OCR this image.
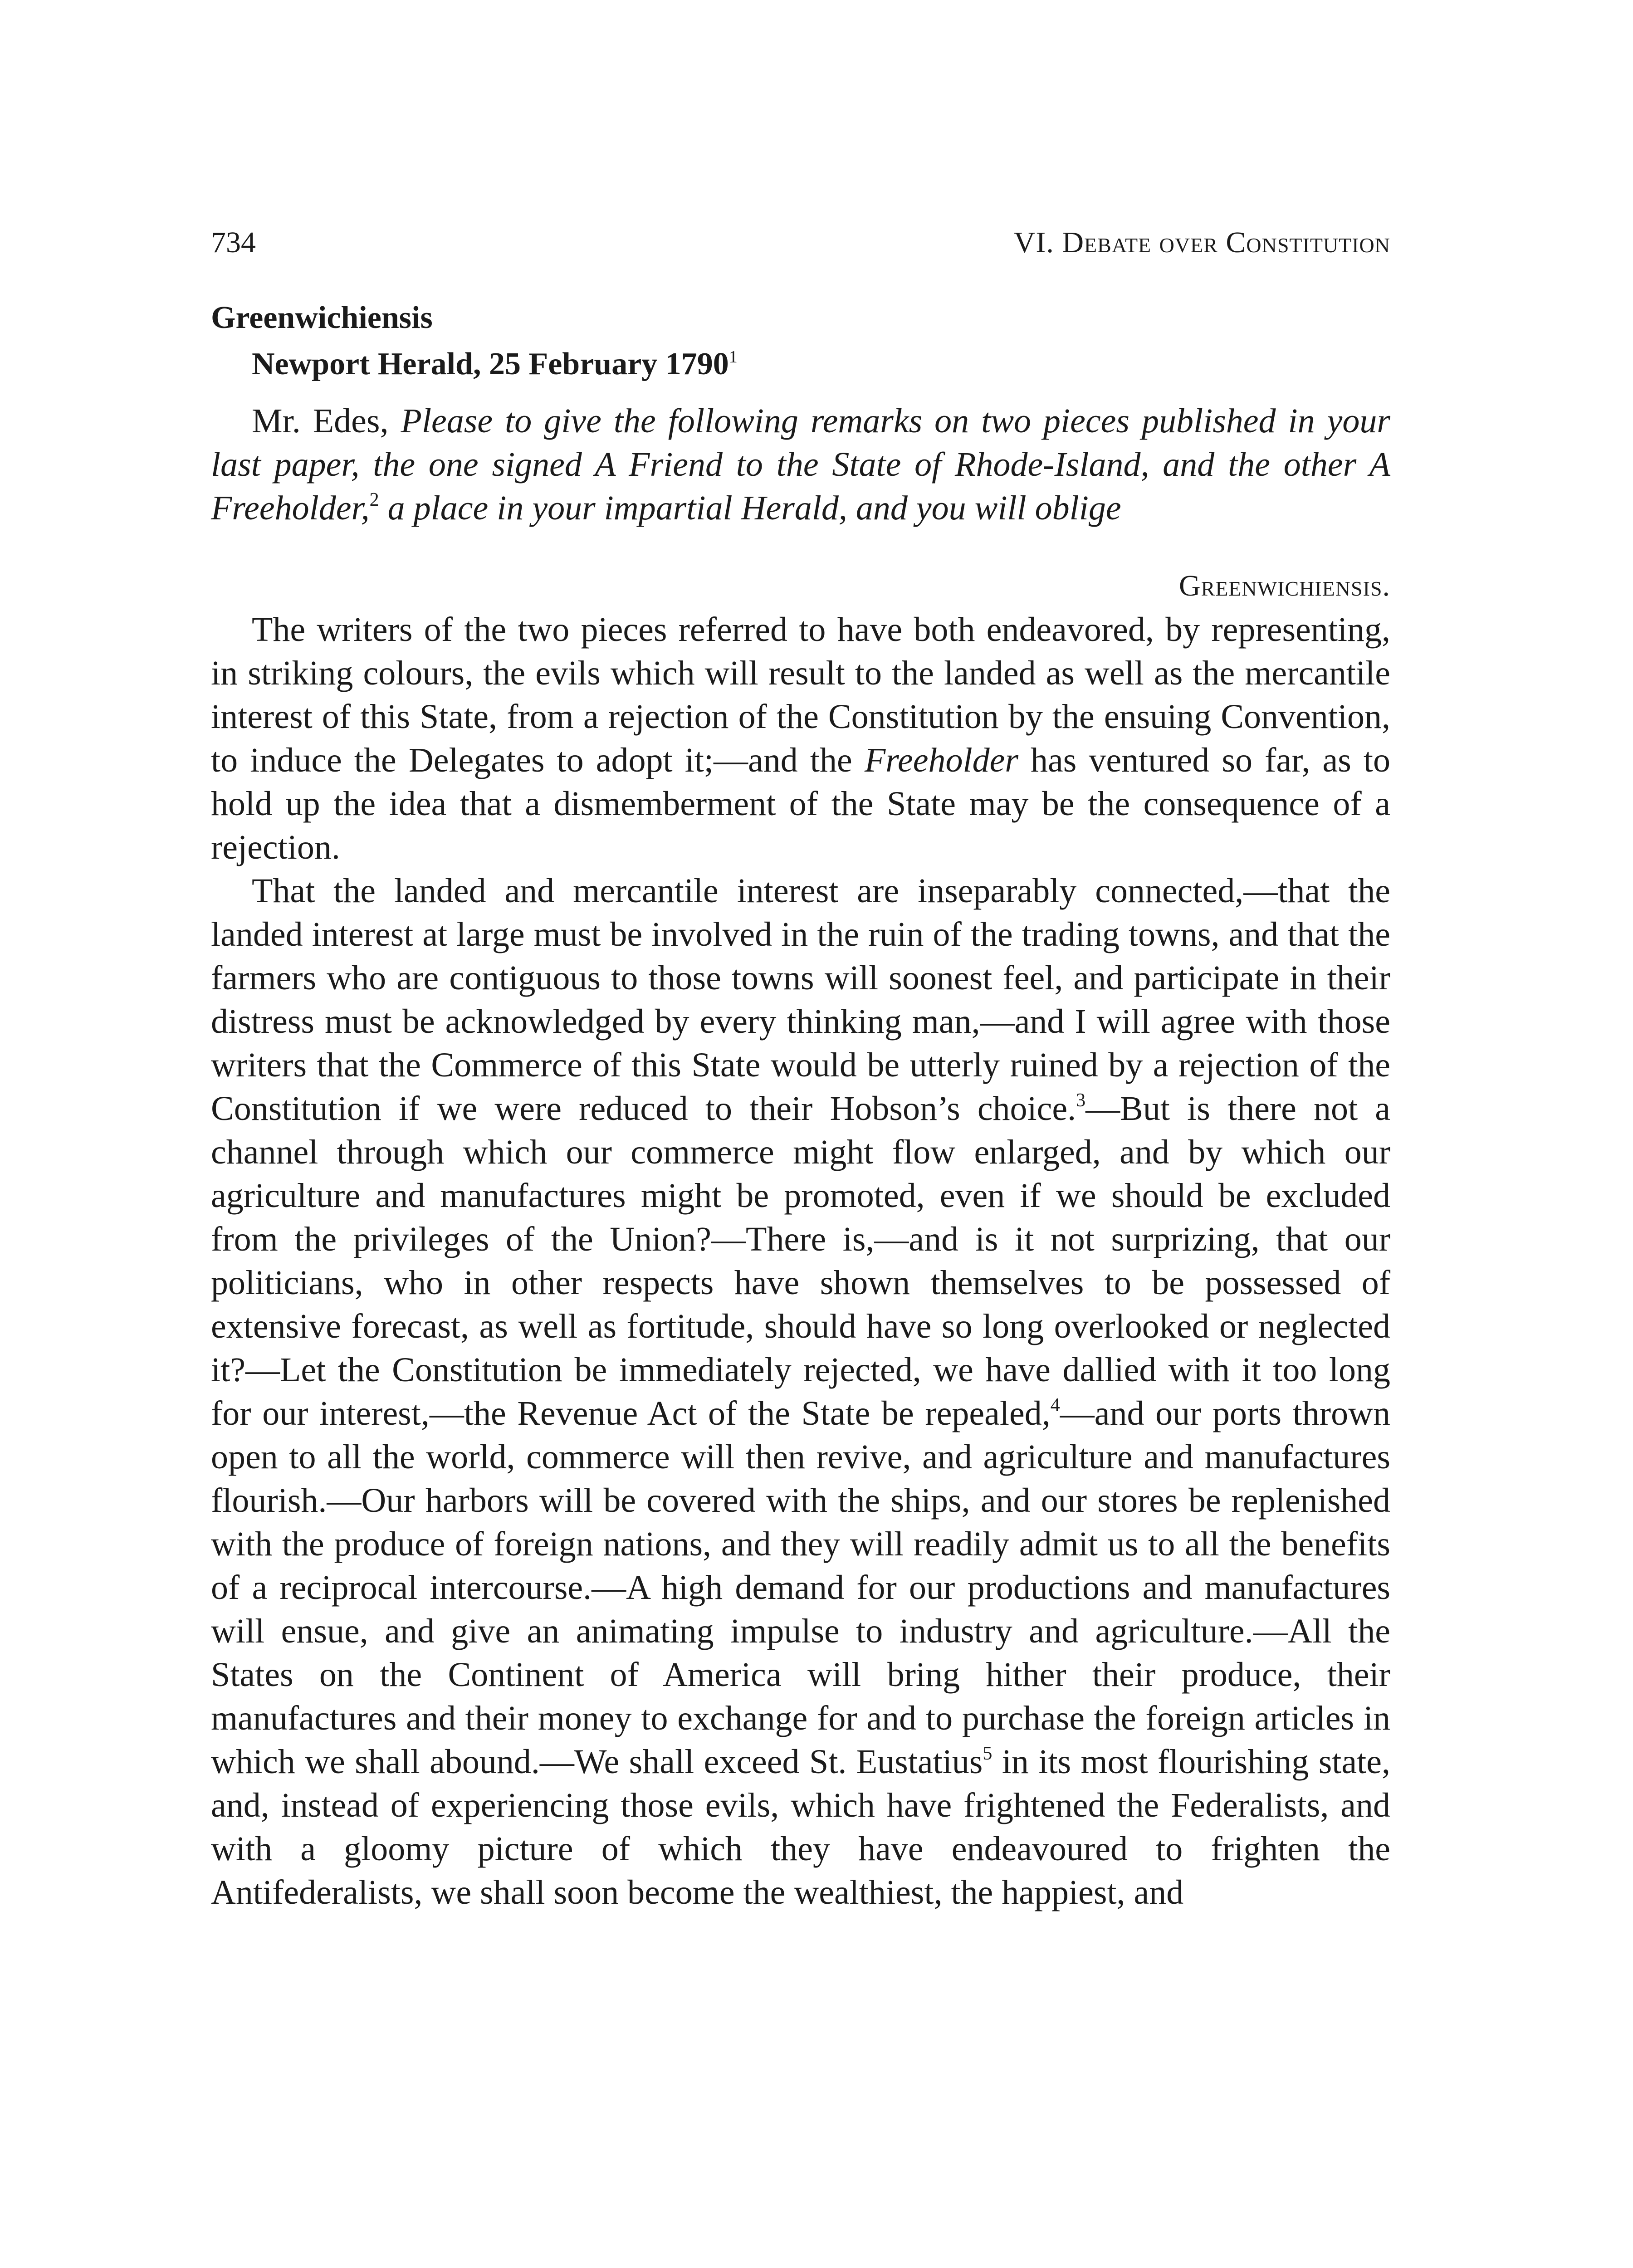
734	VI. Debate over Constitution
Greenwichiensis
Newport Herald, 25 February 1790$^1$

Mr. Edes, Please to give the following remarks on two pieces published in your last paper, the one signed A Friend to the State of Rhode-Island, and the other A Freeholder,$^2$ a place in your impartial Herald, and you will oblige

Greenwichiensis.

The writers of the two pieces referred to have both endeavored, by representing, in striking colours, the evils which will result to the landed as well as the mercantile interest of this State, from a rejection of the Constitution by the ensuing Convention, to induce the Delegates to adopt it;—and the Freeholder has ventured so far, as to hold up the idea that a dismemberment of the State may be the consequence of a rejection.

That the landed and mercantile interest are inseparably connected,—that the landed interest at large must be involved in the ruin of the trading towns, and that the farmers who are contiguous to those towns will soonest feel, and participate in their distress must be acknowledged by every thinking man,—and I will agree with those writers that the Commerce of this State would be utterly ruined by a rejection of the Constitution if we were reduced to their Hobson’s choice.$^3$—But is there not a channel through which our commerce might flow enlarged, and by which our agriculture and manufactures might be promoted, even if we should be excluded from the privileges of the Union?—There is,—and is it not surprizing, that our politicians, who in other respects have shown themselves to be possessed of extensive forecast, as well as fortitude, should have so long overlooked or neglected it?—Let the Constitution be immediately rejected, we have dallied with it too long for our interest,—the Revenue Act of the State be repealed,$^4$—and our ports thrown open to all the world, commerce will then revive, and agriculture and manufactures flourish.—Our harbors will be covered with the ships, and our stores be replenished with the produce of foreign nations, and they will readily admit us to all the benefits of a reciprocal intercourse.—A high demand for our productions and manufactures will ensue, and give an animating impulse to industry and agriculture.—All the States on the Continent of America will bring hither their produce, their manufactures and their money to exchange for and to purchase the foreign articles in which we shall abound.—We shall exceed St. Eustatius$^5$ in its most flourishing state, and, instead of experiencing those evils, which have frightened the Federalists, and with a gloomy picture of which they have endeavoured to frighten the Antifederalists, we shall soon become the wealthiest, the happiest, and
